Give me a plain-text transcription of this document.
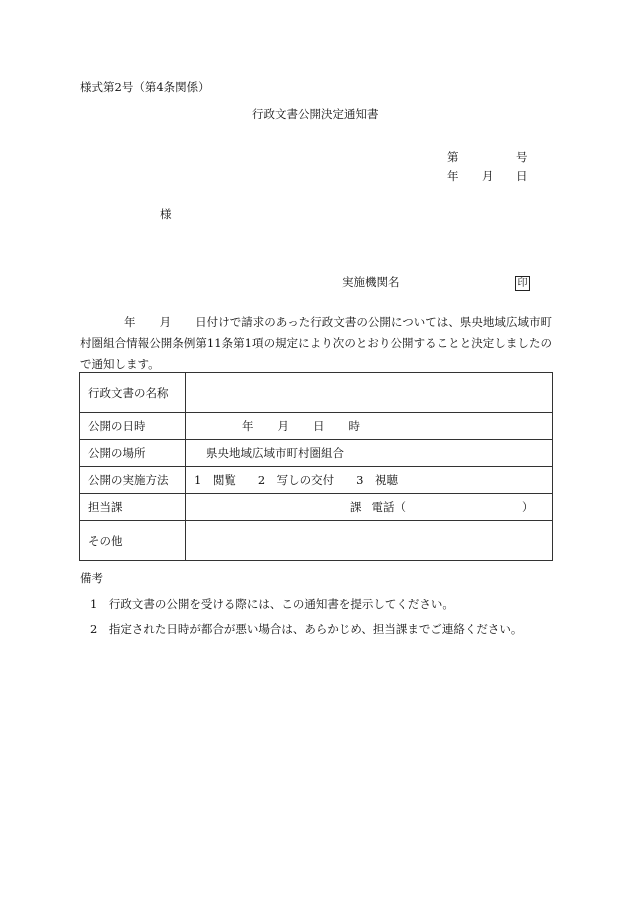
様式第2号（第4条関係）
行政文書公開決定通知書
第	号
年 月 日
様
実施機関名	印
年 月 日付けで請求のあった行政文書の公開については、県央地域広域市町村圏組合情報公開条例第11条第1項の規定により次のとおり公開することと決定しましたので通知します。
行政文書の名称	
公開の日時	年 月 日 時
公開の場所	県央地域広域市町村圏組合
公開の実施方法	1　閲覧 2　写しの交付 3　視聴
担当課	課 電話（ ）
その他	
備考
1　行政文書の公開を受ける際には、この通知書を提示してください。
2　指定された日時が都合が悪い場合は、あらかじめ、担当課までご連絡ください。
